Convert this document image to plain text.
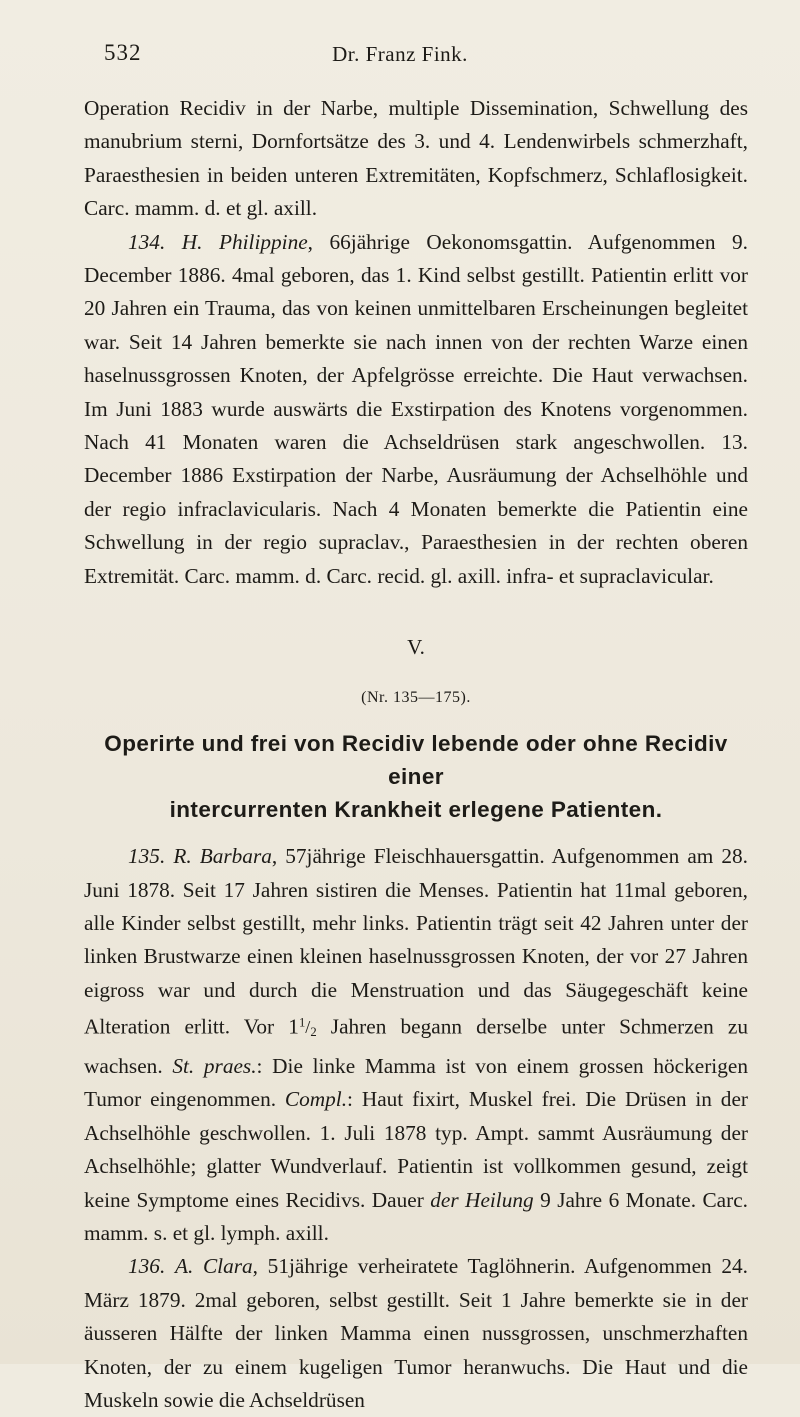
532	Dr. Franz Fink.

Operation Recidiv in der Narbe, multiple Dissemination, Schwellung des manubrium sterni, Dornfortsätze des 3. und 4. Lendenwirbels schmerzhaft, Paraesthesien in beiden unteren Extremitäten, Kopfschmerz, Schlaflosigkeit. Carc. mamm. d. et gl. axill.

134. H. Philippine, 66jährige Oekonomsgattin. Aufgenommen 9. December 1886. 4mal geboren, das 1. Kind selbst gestillt. Patientin erlitt vor 20 Jahren ein Trauma, das von keinen unmittelbaren Erscheinungen begleitet war. Seit 14 Jahren bemerkte sie nach innen von der rechten Warze einen haselnussgrossen Knoten, der Apfelgrösse erreichte. Die Haut verwachsen. Im Juni 1883 wurde auswärts die Exstirpation des Knotens vorgenommen. Nach 41 Monaten waren die Achseldrüsen stark angeschwollen. 13. December 1886 Exstirpation der Narbe, Ausräumung der Achselhöhle und der regio infraclavicularis. Nach 4 Monaten bemerkte die Patientin eine Schwellung in der regio supraclav., Paraesthesien in der rechten oberen Extremität. Carc. mamm. d. Carc. recid. gl. axill. infra- et supraclavicular.

V.
(Nr. 135—175).
Operirte und frei von Recidiv lebende oder ohne Recidiv einer
intercurrenten Krankheit erlegene Patienten.

135. R. Barbara, 57jährige Fleischhauersgattin. Aufgenommen am 28. Juni 1878. Seit 17 Jahren sistiren die Menses. Patientin hat 11mal geboren, alle Kinder selbst gestillt, mehr links. Patientin trägt seit 42 Jahren unter der linken Brustwarze einen kleinen haselnussgrossen Knoten, der vor 27 Jahren eigross war und durch die Menstruation und das Säugegeschäft keine Alteration erlitt. Vor $1^1/_2$ Jahren begann derselbe unter Schmerzen zu wachsen. St. praes.: Die linke Mamma ist von einem grossen höckerigen Tumor eingenommen. Compl.: Haut fixirt, Muskel frei. Die Drüsen in der Achselhöhle geschwollen. 1. Juli 1878 typ. Ampt. sammt Ausräumung der Achselhöhle; glatter Wundverlauf. Patientin ist vollkommen gesund, zeigt keine Symptome eines Recidivs. Dauer der Heilung 9 Jahre 6 Monate. Carc. mamm. s. et gl. lymph. axill.

136. A. Clara, 51jährige verheiratete Taglöhnerin. Aufgenommen 24. März 1879. 2mal geboren, selbst gestillt. Seit 1 Jahre bemerkte sie in der äusseren Hälfte der linken Mamma einen nussgrossen, unschmerzhaften Knoten, der zu einem kugeligen Tumor heranwuchs. Die Haut und die Muskeln sowie die Achseldrüsen
